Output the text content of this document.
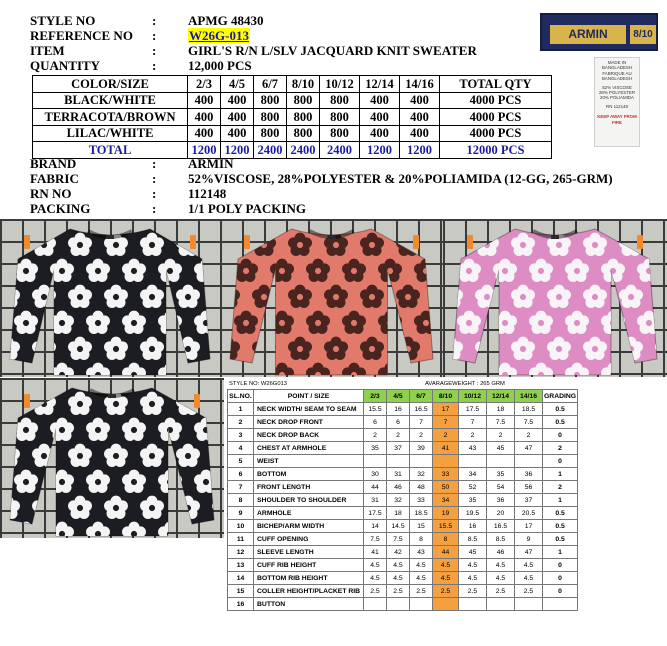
STYLE NO	: APMG 48430
REFERENCE NO :	W26G-013
ITEM	: GIRL'S R/N L/SLV JACQUARD KNIT SWEATER
QUANTITY	: 12,000 PCS
ARMIN	8/10
MADE IN
BANGLADESH
FABRIQUE AU
BANGLADESH
52% VISCOSE
28% POLYESTER
20% POLIAMIDA
RN 112148
KEEP AWAY FROM FIRE
COLOR/SIZE	2/3	4/5	6/7	8/10	10/12	12/14	14/16	TOTAL QTY
BLACK/WHITE	400	400	800	800	800	400	400	4000 PCS
TERRACOTA/BROWN	400	400	800	800	800	400	400	4000 PCS
LILAC/WHITE	400	400	800	800	800	400	400	4000 PCS
TOTAL	1200	1200	2400	2400	2400	1200	1200	12000 PCS
BRAND	: ARMIN
FABRIC	: 52%VISCOSE, 28%POLYESTER & 20%POLIAMIDA (12-GG, 265-GRM)
RN NO	: 112148
PACKING	: 1/1 POLY PACKING
STYLE NO: W26G013	AVARAGEWEIGHT : 265 GRM
SL.NO.	POINT / SIZE	2/3	4/5	6/7	8/10	10/12	12/14	14/16	GRADING
1	NECK WIDTH/ SEAM TO SEAM	15.5	16	16.5	17	17.5	18	18.5	0.5
2	NECK DROP FRONT	6	6	7	7	7	7.5	7.5	0.5
3	NECK DROP BACK	2	2	2	2	2	2	2	0
4	CHEST AT ARMHOLE	35	37	39	41	43	45	47	2
5	WEIST								0
6	BOTTOM	30	31	32	33	34	35	36	1
7	FRONT LENGTH	44	46	48	50	52	54	56	2
8	SHOULDER TO SHOULDER	31	32	33	34	35	36	37	1
9	ARMHOLE	17.5	18	18.5	19	19.5	20	20.5	0.5
10	BICHEP/ARM WIDTH	14	14.5	15	15.5	16	16.5	17	0.5
11	CUFF OPENING	7.5	7.5	8	8	8.5	8.5	9	0.5
12	SLEEVE LENGTH	41	42	43	44	45	46	47	1
13	CUFF RIB HEIGHT	4.5	4.5	4.5	4.5	4.5	4.5	4.5	0
14	BOTTOM RIB HEIGHT	4.5	4.5	4.5	4.5	4.5	4.5	4.5	0
15	COLLER HEIGHT/PLACKET RIB	2.5	2.5	2.5	2.5	2.5	2.5	2.5	0
16	BUTTON								
